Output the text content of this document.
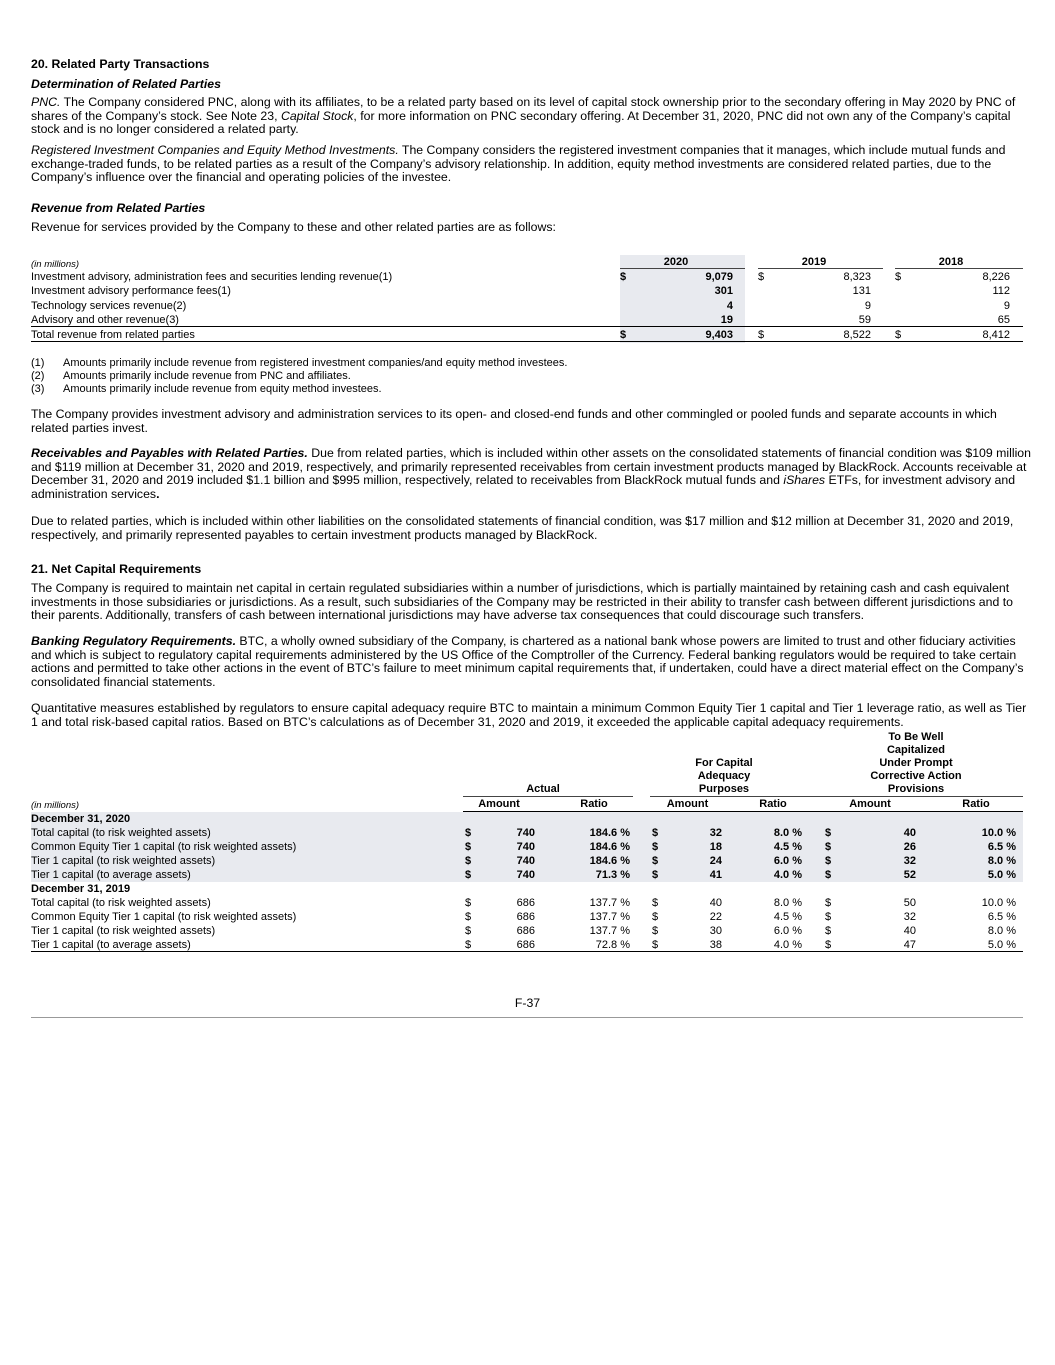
20. Related Party Transactions

Determination of Related Parties

PNC. The Company considered PNC, along with its affiliates, to be a related party based on its level of capital stock ownership prior to the secondary offering in May 2020 by PNC of shares of the Company’s stock. See Note 23, Capital Stock, for more information on PNC secondary offering. At December 31, 2020, PNC did not own any of the Company’s capital stock and is no longer considered a related party.

Registered Investment Companies and Equity Method Investments. The Company considers the registered investment companies that it manages, which include mutual funds and exchange-traded funds, to be related parties as a result of the Company’s advisory relationship. In addition, equity method investments are considered related parties, due to the Company’s influence over the financial and operating policies of the investee.

Revenue from Related Parties

Revenue for services provided by the Company to these and other related parties are as follows:

(in millions)	2020	2019	2018
Investment advisory, administration fees and securities lending revenue(1)	$	9,079 $	8,323 $	8,226
Investment advisory performance fees(1)	301	131	112
Technology services revenue(2)	4	9	9
Advisory and other revenue(3)	19	59	65
Total revenue from related parties	$	9,403 $	8,522 $	8,412
(1) Amounts primarily include revenue from registered investment companies/and equity method investees.
(2) Amounts primarily include revenue from PNC and affiliates.
(3) Amounts primarily include revenue from equity method investees.

The Company provides investment advisory and administration services to its open- and closed-end funds and other commingled or pooled funds and separate accounts in which related parties invest.

Receivables and Payables with Related Parties. Due from related parties, which is included within other assets on the consolidated statements of financial condition was $109 million and $119 million at December 31, 2020 and 2019, respectively, and primarily represented receivables from certain investment products managed by BlackRock. Accounts receivable at December 31, 2020 and 2019 included $1.1 billion and $995 million, respectively, related to receivables from BlackRock mutual funds and iShares ETFs, for investment advisory and administration services.

Due to related parties, which is included within other liabilities on the consolidated statements of financial condition, was $17 million and $12 million at December 31, 2020 and 2019, respectively, and primarily represented payables to certain investment products managed by BlackRock.

21. Net Capital Requirements

The Company is required to maintain net capital in certain regulated subsidiaries within a number of jurisdictions, which is partially maintained by retaining cash and cash equivalent investments in those subsidiaries or jurisdictions. As a result, such subsidiaries of the Company may be restricted in their ability to transfer cash between different jurisdictions and to their parents. Additionally, transfers of cash between international jurisdictions may have adverse tax consequences that could discourage such transfers.

Banking Regulatory Requirements. BTC, a wholly owned subsidiary of the Company, is chartered as a national bank whose powers are limited to trust and other fiduciary activities and which is subject to regulatory capital requirements administered by the US Office of the Comptroller of the Currency. Federal banking regulators would be required to take certain actions and permitted to take other actions in the event of BTC’s failure to meet minimum capital requirements that, if undertaken, could have a direct material effect on the Company’s consolidated financial statements.

Quantitative measures established by regulators to ensure capital adequacy require BTC to maintain a minimum Common Equity Tier 1 capital and Tier 1 leverage ratio, as well as Tier 1 and total risk-based capital ratios. Based on BTC’s calculations as of December 31, 2020 and 2019, it exceeded the applicable capital adequacy requirements.

Actual
For Capital
Adequacy
Purposes
To Be Well
Capitalized
Under Prompt
Corrective Action
Provisions
(in millions)	Amount	Ratio	Amount	Ratio	Amount	Ratio
December 31, 2020
Total capital (to risk weighted assets)	$	740	184.6 % $	32	8.0 % $	40	10.0 %
Common Equity Tier 1 capital (to risk weighted assets)	$	740	184.6 % $	18	4.5 % $	26	6.5 %
Tier 1 capital (to risk weighted assets)	$	740	184.6 % $	24	6.0 % $	32	8.0 %
Tier 1 capital (to average assets)	$	740	71.3 % $	41	4.0 % $	52	5.0 %
December 31, 2019
Total capital (to risk weighted assets)	$	686	137.7 % $	40	8.0 % $	50	10.0 %
Common Equity Tier 1 capital (to risk weighted assets)	$	686	137.7 % $	22	4.5 % $	32	6.5 %
Tier 1 capital (to risk weighted assets)	$	686	137.7 % $	30	6.0 % $	40	8.0 %
Tier 1 capital (to average assets)	$	686	72.8 % $	38	4.0 % $	47	5.0 %
F-37
